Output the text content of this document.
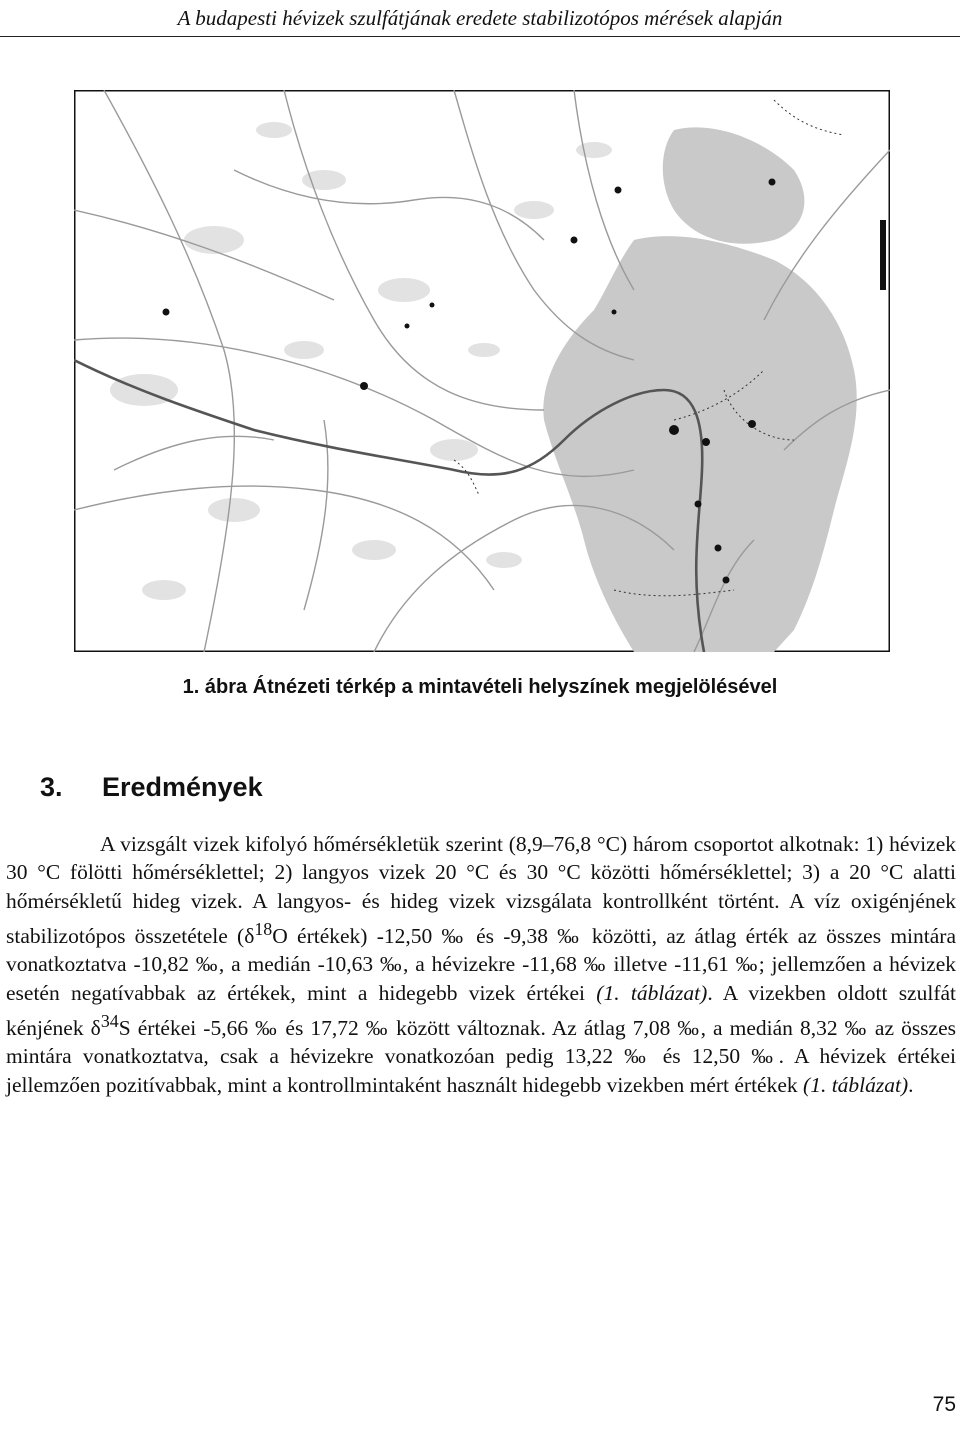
A budapesti hévizek szulfátjának eredete stabilizotópos mérések alapján
1. ábra Átnézeti térkép a mintavételi helyszínek megjelölésével
3. Eredmények

A vizsgált vizek kifolyó hőmérsékletük szerint (8,9–76,8 °C) három csoportot alkotnak: 1) hévizek 30 °C fölötti hőmérséklettel; 2) langyos vizek 20 °C és 30 °C közötti hőmérséklettel; 3) a 20 °C alatti hőmérsékletű hideg vizek. A langyos- és hideg vizek vizsgálata kontrollként történt. A víz oxigénjének stabilizotópos összetétele ($\delta^{18}O$ értékek) -12,50 ‰ és -9,38 ‰ közötti, az átlag érték az összes mintára vonatkoztatva -10,82 ‰, a medián -10,63 ‰, a hévizekre -11,68 ‰ illetve -11,61 ‰; jellemzően a hévizek esetén negatívabbak az értékek, mint a hidegebb vizek értékei (1. táblázat). A vizekben oldott szulfát kénjének $\delta^{34}S$ értékei -5,66 ‰ és 17,72 ‰ között változnak. Az átlag 7,08 ‰, a medián 8,32 ‰ az összes mintára vonatkoztatva, csak a hévizekre vonatkozóan pedig 13,22 ‰ és 12,50 ‰. A hévizek értékei jellemzően pozitívabbak, mint a kontrollmintaként használt hidegebb vizekben mért értékek (1. táblázat).

75
